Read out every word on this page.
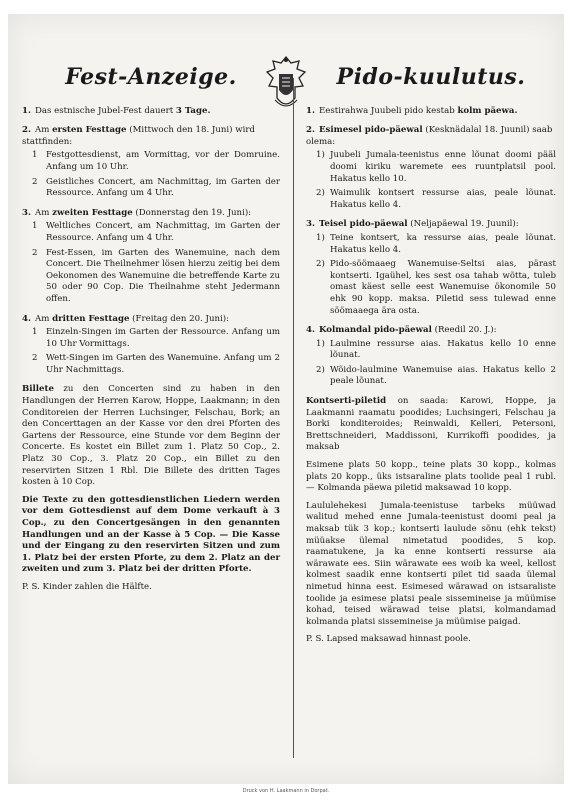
Fest-Anzeige.
1. Das estnische Jubel-Fest dauert 3 Tage.
2. Am ersten Festtage (Mittwoch den 18. Juni) wird stattfinden:
1 Festgottesdienst, am Vormittag, vor der Domruine. Anfang um 10 Uhr.
2 Geistliches Concert, am Nachmittag, im Garten der Ressource. Anfang um 4 Uhr.
3. Am zweiten Festtage (Donnerstag den 19. Juni):
1 Weltliches Concert, am Nachmittag, im Garten der Ressource. Anfang um 4 Uhr.
2 Fest-Essen, im Garten des Wanemuine, nach dem Concert. Die Theilnehmer lösen hierzu zeitig bei dem Oekonomen des Wanemuine die betreffende Karte zu 50 oder 90 Cop. Die Theilnahme steht Jedermann offen.
4. Am dritten Festtage (Freitag den 20. Juni):
1 Einzeln-Singen im Garten der Ressource. Anfang um 10 Uhr Vormittags.
2 Wett-Singen im Garten des Wanemuine. Anfang um 2 Uhr Nachmittags.

Billete zu den Concerten sind zu haben in den Handlungen der Herren Karow, Hoppe, Laakmann; in den Conditoreien der Herren Luchsinger, Felschau, Bork; an den Concerttagen an der Kasse vor den drei Pforten des Gartens der Ressource, eine Stunde vor dem Beginn der Concerte. Es kostet ein Billet zum 1. Platz 50 Cop., 2. Platz 30 Cop., 3. Platz 20 Cop., ein Billet zu den reservirten Sitzen 1 Rbl. Die Billete des dritten Tages kosten à 10 Cop.

Die Texte zu den gottesdienstlichen Liedern werden vor dem Gottesdienst auf dem Dome verkauft à 3 Cop., zu den Concertgesängen in den genannten Handlungen und an der Kasse à 5 Cop. — Die Kasse und der Eingang zu den reservirten Sitzen und zum 1. Platz bei der ersten Pforte, zu dem 2. Platz an der zweiten und zum 3. Platz bei der dritten Pforte.

P. S. Kinder zahlen die Hälfte.

Pido-kuulutus.
1. Eestirahwa Juubeli pido kestab kolm päewa.
2. Esimesel pido-päewal (Kesknädalal 18. Juunil) saab olema:
1) Juubeli Jumala-teenistus enne lõunat doomi pääl doomi kiriku waremete ees ruuntplatsil pool. Hakatus kello 10.
2) Waimulik kontsert ressurse aias, peale lõunat. Hakatus kello 4.
3. Teisel pido-päewal (Neljapäewal 19. Juunil):
1) Teine kontsert, ka ressurse aias, peale lõunat. Hakatus kello 4.
2) Pido-söömaaeg Wanemuise-Seltsi aias, pärast kontserti. Igaühel, kes sest osa tahab wõtta, tuleb omast käest selle eest Wanemuise ökonomile 50 ehk 90 kopp. maksa. Piletid sess tulewad enne söömaaega ära osta.
4. Kolmandal pido-päewal (Reedil 20. J.):
1) Laulmine ressurse aias. Hakatus kello 10 enne lõunat.
2) Wõido-laulmine Wanemuise aias. Hakatus kello 2 peale lõunat.

Kontserti-piletid on saada: Karowi, Hoppe, ja Laakmanni raamatu poodides; Luchsingeri, Felschau ja Borki konditeroides; Reinwaldi, Kelleri, Petersoni, Brettschneideri, Maddissoni, Kurrikoffi poodides, ja maksab

Esimene plats 50 kopp., teine plats 30 kopp., kolmas plats 20 kopp., üks istsaraline plats toolide peal 1 rubl. — Kolmanda päewa piletid maksawad 10 kopp.

Laululehekesi Jumala-teenistuse tarbeks müüwad walitud mehed enne Jumala-teenistust doomi peal ja maksab tük 3 kop.; kontserti laulude sõnu (ehk tekst) müüakse ülemal nimetatud poodides, 5 kop. raamatukene, ja ka enne kontserti ressurse aia wärawate ees. Siin wärawate ees woib ka weel, kellost kolmest saadik enne kontserti pilet tid saada ülemal nimetud hinna eest. Esimesed wärawad on istsaraliste toolide ja esimese platsi peale sissemineise ja müümise kohad, teised wärawad teise platsi, kolmandamad kolmanda platsi sissemineise ja müümise paigad.

P. S. Lapsed maksawad hinnast poole.

Druck von H. Laakmann in Dorpat.
